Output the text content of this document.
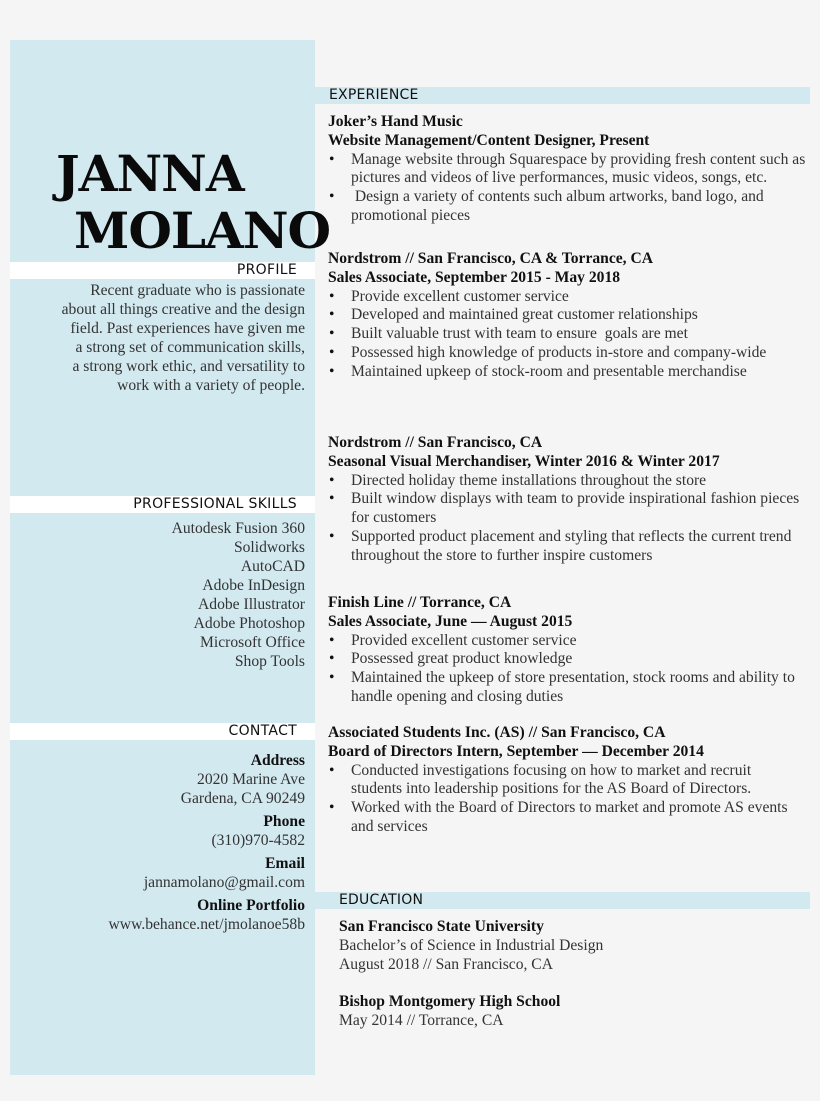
JANNA
MOLANO
PROFILE
Recent graduate who is passionate
about all things creative and the design
field. Past experiences have given me
a strong set of communication skills,
a strong work ethic, and versatility to
work with a variety of people.
PROFESSIONAL SKILLS
Autodesk Fusion 360
Solidworks
AutoCAD
Adobe InDesign
Adobe Illustrator
Adobe Photoshop
Microsoft Office
Shop Tools
CONTACT
Address
2020 Marine Ave
Gardena, CA 90249
Phone
(310)970-4582
Email
jannamolano@gmail.com
Online Portfolio
www.behance.net/jmolanoe58b
EXPERIENCE
Joker’s Hand Music
Website Management/Content Designer, Present
• Manage website through Squarespace by providing fresh content such as pictures and videos of live performances, music videos, songs, etc.
•  Design a variety of contents such album artworks, band logo, and promotional pieces
Nordstrom // San Francisco, CA & Torrance, CA
Sales Associate, September 2015 - May 2018
• Provide excellent customer service
• Developed and maintained great customer relationships
• Built valuable trust with team to ensure  goals are met
• Possessed high knowledge of products in-store and company-wide
• Maintained upkeep of stock-room and presentable merchandise
Nordstrom // San Francisco, CA
Seasonal Visual Merchandiser, Winter 2016 & Winter 2017
• Directed holiday theme installations throughout the store
• Built window displays with team to provide inspirational fashion pieces for customers
• Supported product placement and styling that reflects the current trend throughout the store to further inspire customers
Finish Line // Torrance, CA
Sales Associate, June — August 2015
• Provided excellent customer service
• Possessed great product knowledge
• Maintained the upkeep of store presentation, stock rooms and ability to handle opening and closing duties
Associated Students Inc. (AS) // San Francisco, CA
Board of Directors Intern, September — December 2014
• Conducted investigations focusing on how to market and recruit     students into leadership positions for the AS Board of Directors.
• Worked with the Board of Directors to market and promote AS events and services
EDUCATION
San Francisco State University
Bachelor’s of Science in Industrial Design
August 2018 // San Francisco, CA
Bishop Montgomery High School
May 2014 // Torrance, CA
